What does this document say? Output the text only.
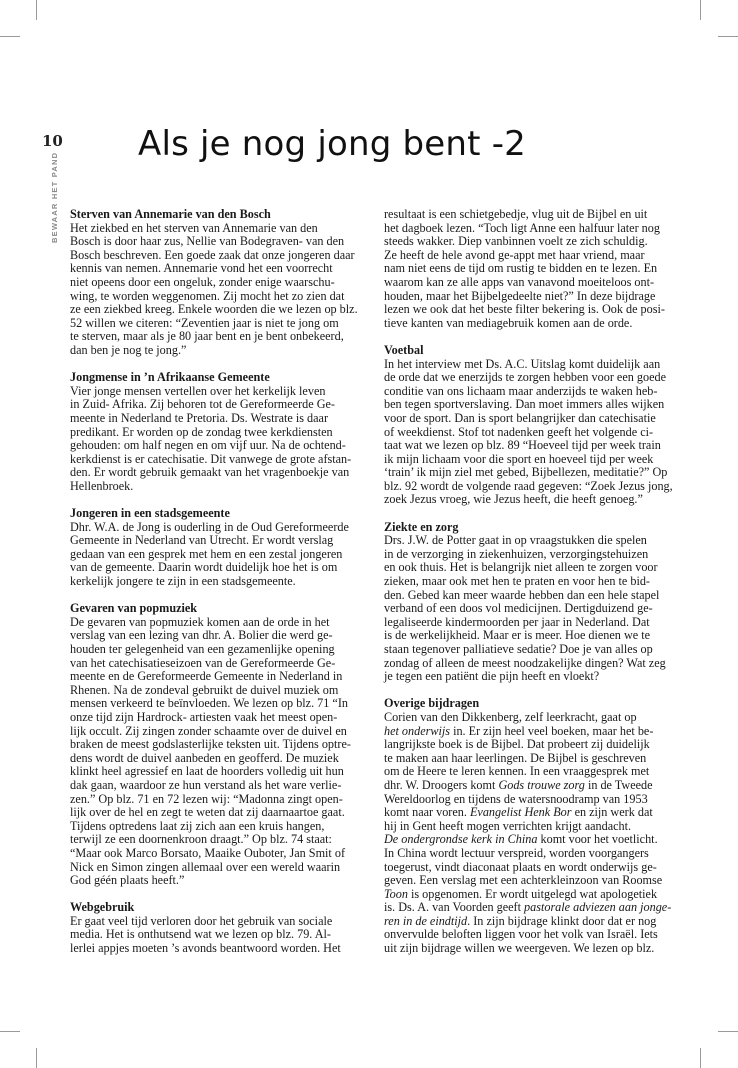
10
BEWAAR HET PAND
Als je nog jong bent -2
Sterven van Annemarie van den Bosch

Het ziekbed en het sterven van Annemarie van den
Bosch is door haar zus, Nellie van Bodegraven- van den
Bosch beschreven. Een goede zaak dat onze jongeren daar
kennis van nemen. Annemarie vond het een voorrecht
niet opeens door een ongeluk, zonder enige waarschu-
wing, te worden weggenomen. Zij mocht het zo zien dat
ze een ziekbed kreeg. Enkele woorden die we lezen op blz.
52 willen we citeren: “Zeventien jaar is niet te jong om
te sterven, maar als je 80 jaar bent en je bent onbekeerd,
dan ben je nog te jong.”

Jongmense in ’n Afrikaanse Gemeente

Vier jonge mensen vertellen over het kerkelijk leven
in Zuid- Afrika. Zij behoren tot de Gereformeerde Ge-
meente in Nederland te Pretoria. Ds. Westrate is daar
predikant. Er worden op de zondag twee kerkdiensten
gehouden: om half negen en om vijf uur. Na de ochtend-
kerkdienst is er catechisatie. Dit vanwege de grote afstan-
den. Er wordt gebruik gemaakt van het vragenboekje van
Hellenbroek.

Jongeren in een stadsgemeente

Dhr. W.A. de Jong is ouderling in de Oud Gereformeerde
Gemeente in Nederland van Utrecht. Er wordt verslag
gedaan van een gesprek met hem en een zestal jongeren
van de gemeente. Daarin wordt duidelijk hoe het is om
kerkelijk jongere te zijn in een stadsgemeente.

Gevaren van popmuziek

De gevaren van popmuziek komen aan de orde in het
verslag van een lezing van dhr. A. Bolier die werd ge-
houden ter gelegenheid van een gezamenlijke opening
van het catechisatieseizoen van de Gereformeerde Ge-
meente en de Gereformeerde Gemeente in Nederland in
Rhenen. Na de zondeval gebruikt de duivel muziek om
mensen verkeerd te beïnvloeden. We lezen op blz. 71 “In
onze tijd zijn Hardrock- artiesten vaak het meest open-
lijk occult. Zij zingen zonder schaamte over de duivel en
braken de meest godslasterlijke teksten uit. Tijdens optre-
dens wordt de duivel aanbeden en geofferd. De muziek
klinkt heel agressief en laat de hoorders volledig uit hun
dak gaan, waardoor ze hun verstand als het ware verlie-
zen.” Op blz. 71 en 72 lezen wij: “Madonna zingt open-
lijk over de hel en zegt te weten dat zij daarnaartoe gaat.
Tijdens optredens laat zij zich aan een kruis hangen,
terwijl ze een doornenkroon draagt.” Op blz. 74 staat:
“Maar ook Marco Borsato, Maaike Ouboter, Jan Smit of
Nick en Simon zingen allemaal over een wereld waarin
God géén plaats heeft.”

Webgebruik

Er gaat veel tijd verloren door het gebruik van sociale
media. Het is onthutsend wat we lezen op blz. 79. Al-
lerlei appjes moeten ’s avonds beantwoord worden. Het

resultaat is een schietgebedje, vlug uit de Bijbel en uit
het dagboek lezen. “Toch ligt Anne een halfuur later nog
steeds wakker. Diep vanbinnen voelt ze zich schuldig.
Ze heeft de hele avond ge-appt met haar vriend, maar
nam niet eens de tijd om rustig te bidden en te lezen. En
waarom kan ze alle apps van vanavond moeiteloos ont-
houden, maar het Bijbelgedeelte niet?” In deze bijdrage
lezen we ook dat het beste filter bekering is. Ook de posi-
tieve kanten van mediagebruik komen aan de orde.

Voetbal

In het interview met Ds. A.C. Uitslag komt duidelijk aan
de orde dat we enerzijds te zorgen hebben voor een goede
conditie van ons lichaam maar anderzijds te waken heb-
ben tegen sportverslaving. Dan moet immers alles wijken
voor de sport. Dan is sport belangrijker dan catechisatie
of weekdienst. Stof tot nadenken geeft het volgende ci-
taat wat we lezen op blz. 89 “Hoeveel tijd per week train
ik mijn lichaam voor die sport en hoeveel tijd per week
‘train’ ik mijn ziel met gebed, Bijbellezen, meditatie?” Op
blz. 92 wordt de volgende raad gegeven: “Zoek Jezus jong,
zoek Jezus vroeg, wie Jezus heeft, die heeft genoeg.”

Ziekte en zorg

Drs. J.W. de Potter gaat in op vraagstukken die spelen
in de verzorging in ziekenhuizen, verzorgingstehuizen
en ook thuis. Het is belangrijk niet alleen te zorgen voor
zieken, maar ook met hen te praten en voor hen te bid-
den. Gebed kan meer waarde hebben dan een hele stapel
verband of een doos vol medicijnen. Dertigduizend ge-
legaliseerde kindermoorden per jaar in Nederland. Dat
is de werkelijkheid. Maar er is meer. Hoe dienen we te
staan tegenover palliatieve sedatie? Doe je van alles op
zondag of alleen de meest noodzakelijke dingen? Wat zeg
je tegen een patiënt die pijn heeft en vloekt?

Overige bijdragen

Corien van den Dikkenberg, zelf leerkracht, gaat op
het onderwijs in. Er zijn heel veel boeken, maar het be-
langrijkste boek is de Bijbel. Dat probeert zij duidelijk
te maken aan haar leerlingen. De Bijbel is geschreven
om de Heere te leren kennen. In een vraaggesprek met
dhr. W. Droogers komt Gods trouwe zorg in de Tweede
Wereldoorlog en tijdens de watersnoodramp van 1953
komt naar voren. Evangelist Henk Bor en zijn werk dat
hij in Gent heeft mogen verrichten krijgt aandacht.
De ondergrondse kerk in China komt voor het voetlicht.
In China wordt lectuur verspreid, worden voorgangers
toegerust, vindt diaconaat plaats en wordt onderwijs ge-
geven. Een verslag met een achterkleinzoon van Roomse
Toon is opgenomen. Er wordt uitgelegd wat apologetiek
is. Ds. A. van Voorden geeft pastorale adviezen aan jonge-
ren in de eindtijd. In zijn bijdrage klinkt door dat er nog
onvervulde beloften liggen voor het volk van Israël. Iets
uit zijn bijdrage willen we weergeven. We lezen op blz.
